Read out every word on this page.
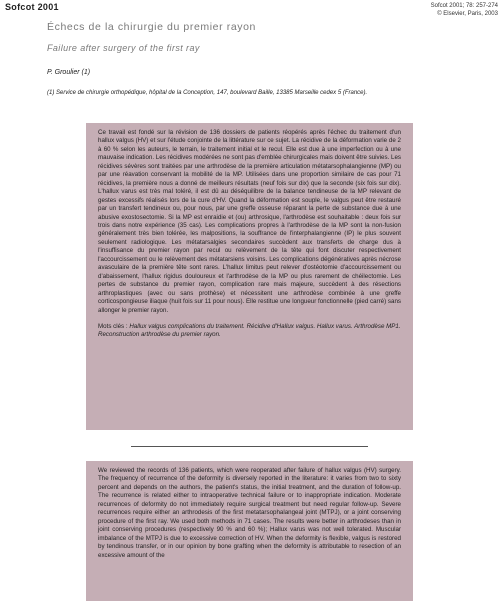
Sofcot 2001	Sofcot 2001; 78: 257-274
© Elsevier, Paris, 2003
Échecs de la chirurgie du premier rayon
Failure after surgery of the first ray
P. Groulier (1)
(1) Service de chirurgie orthopédique, hôpital de la Conception, 147, boulevard Baille, 13385 Marseille cedex 5 (France).

Ce travail est fondé sur la révision de 136 dossiers de patients réopérés après l'échec du traitement d'un hallux valgus (HV) et sur l'étude conjointe de la littérature sur ce sujet. La récidive de la déformation varie de 2 à 60 % selon les auteurs, le terrain, le traitement initial et le recul. Elle est due à une imperfection ou à une mauvaise indication. Les récidives modérées ne sont pas d'emblée chirurgicales mais doivent être suivies. Les récidives sévères sont traitées par une arthrodèse de la première articulation métatarsophalangienne (MP) ou par une réavation conservant la mobilité de la MP. Utilisées dans une proportion similaire de cas pour 71 récidives, la première nous a donné de meilleurs résultats (neuf fois sur dix) que la seconde (six fois sur dix). L'hallux varus est très mal toléré, il est dû au déséquilibre de la balance tendineuse de la MP relevant de gestes excessifs réalisés lors de la cure d'HV. Quand la déformation est souple, le valgus peut être restauré par un transfert tendineux ou, pour nous, par une greffe osseuse réparant la perte de substance due à une abusive exostosectomie. Si la MP est enraidie et (ou) arthrosique, l'arthrodèse est souhaitable : deux fois sur trois dans notre expérience (35 cas). Les complications propres à l'arthrodèse de la MP sont la non-fusion généralement très bien tolérée, les malpositions, la souffrance de l'interphalangienne (IP) le plus souvent seulement radiologique. Les métatarsalgies secondaires succèdent aux transferts de charge dus à l'insuffisance du premier rayon par recul ou relèvement de la tête qui font discuter respectivement l'accourcissement ou le relèvement des métatarsiens voisins. Les complications dégénératives après nécrose avasculaire de la première tête sont rares. L'hallux limitus peut relever d'ostéotomie d'accourcissement ou d'abaissement, l'hallux rigidus douloureux et l'arthrodèse de la MP ou plus rarement de chéilectomie. Les pertes de substance du premier rayon, complication rare mais majeure, succèdent à des résections arthroplastiques (avec ou sans prothèse) et nécessitent une arthrodèse combinée à une greffe corticospongieuse iliaque (huit fois sur 11 pour nous). Elle restitue une longueur fonctionnelle (pied carré) sans allonger le premier rayon.

Mots clés : Hallux valgus complications du traitement. Récidive d'Hallux valgus. Hallux varus. Arthrodèse MP1. Reconstruction arthrodèse du premier rayon.

We reviewed the records of 136 patients, which were reoperated after failure of hallux valgus (HV) surgery. The frequency of recurrence of the deformity is diversely reported in the literature: it varies from two to sixty percent and depends on the authors, the patient's status, the initial treatment, and the duration of follow-up. The recurrence is related either to intraoperative technical failure or to inappropriate indication. Moderate recurrences of deformity do not immediately require surgical treatment but need regular follow-up. Severe recurrences require either an arthrodesis of the first metatarsophalangeal joint (MTPJ), or a joint conserving procedure of the first ray. We used both methods in 71 cases. The results were better in arthrodeses than in joint conserving procedures (respectively 90 % and 60 %); Hallux varus was not well tolerated. Muscular imbalance of the MTPJ is due to excessive correction of HV. When the deformity is flexible, valgus is restored by tendinous transfer, or in our opinion by bone grafting when the deformity is attributable to resection of an excessive amount of the
